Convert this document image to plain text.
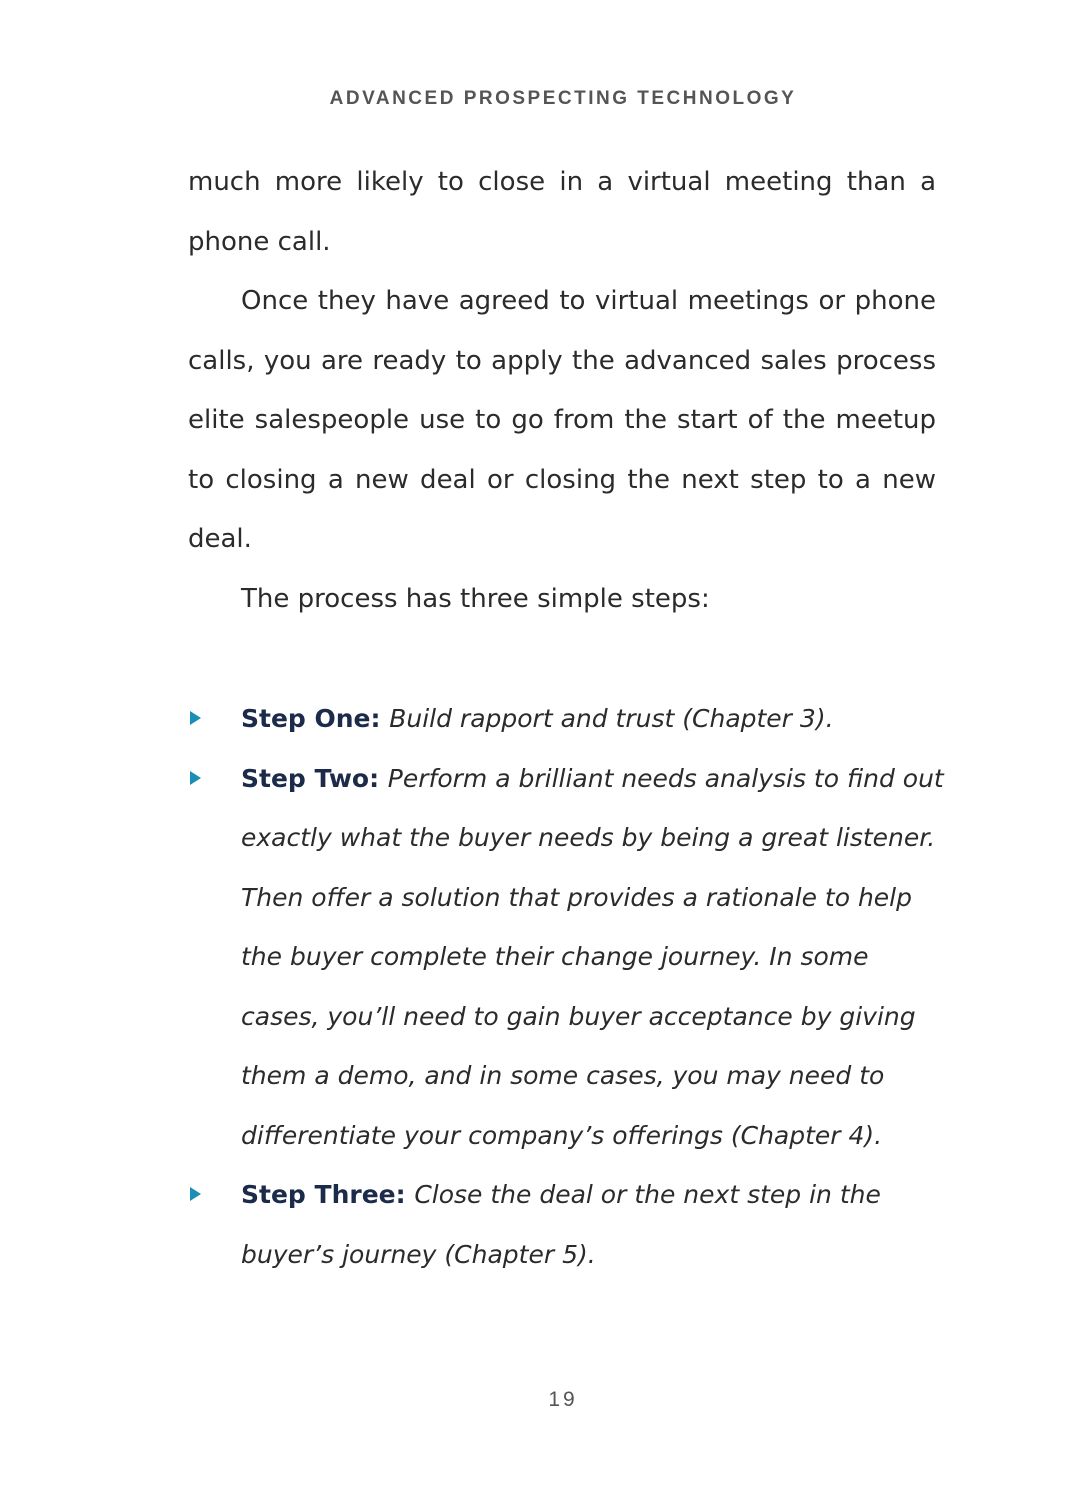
ADVANCED PROSPECTING TECHNOLOGY

much more likely to close in a virtual meeting than a phone call.

Once they have agreed to virtual meetings or phone calls, you are ready to apply the advanced sales process elite salespeople use to go from the start of the meetup to closing a new deal or closing the next step to a new deal.

The process has three simple steps:

Step One: Build rapport and trust (Chapter 3).
Step Two: Perform a brilliant needs analysis to find out exactly what the buyer needs by being a great listener. Then offer a solution that provides a rationale to help the buyer complete their change journey. In some cases, you’ll need to gain buyer acceptance by giving them a demo, and in some cases, you may need to differentiate your company’s offerings (Chapter 4).
Step Three: Close the deal or the next step in the buyer’s journey (Chapter 5).
19
